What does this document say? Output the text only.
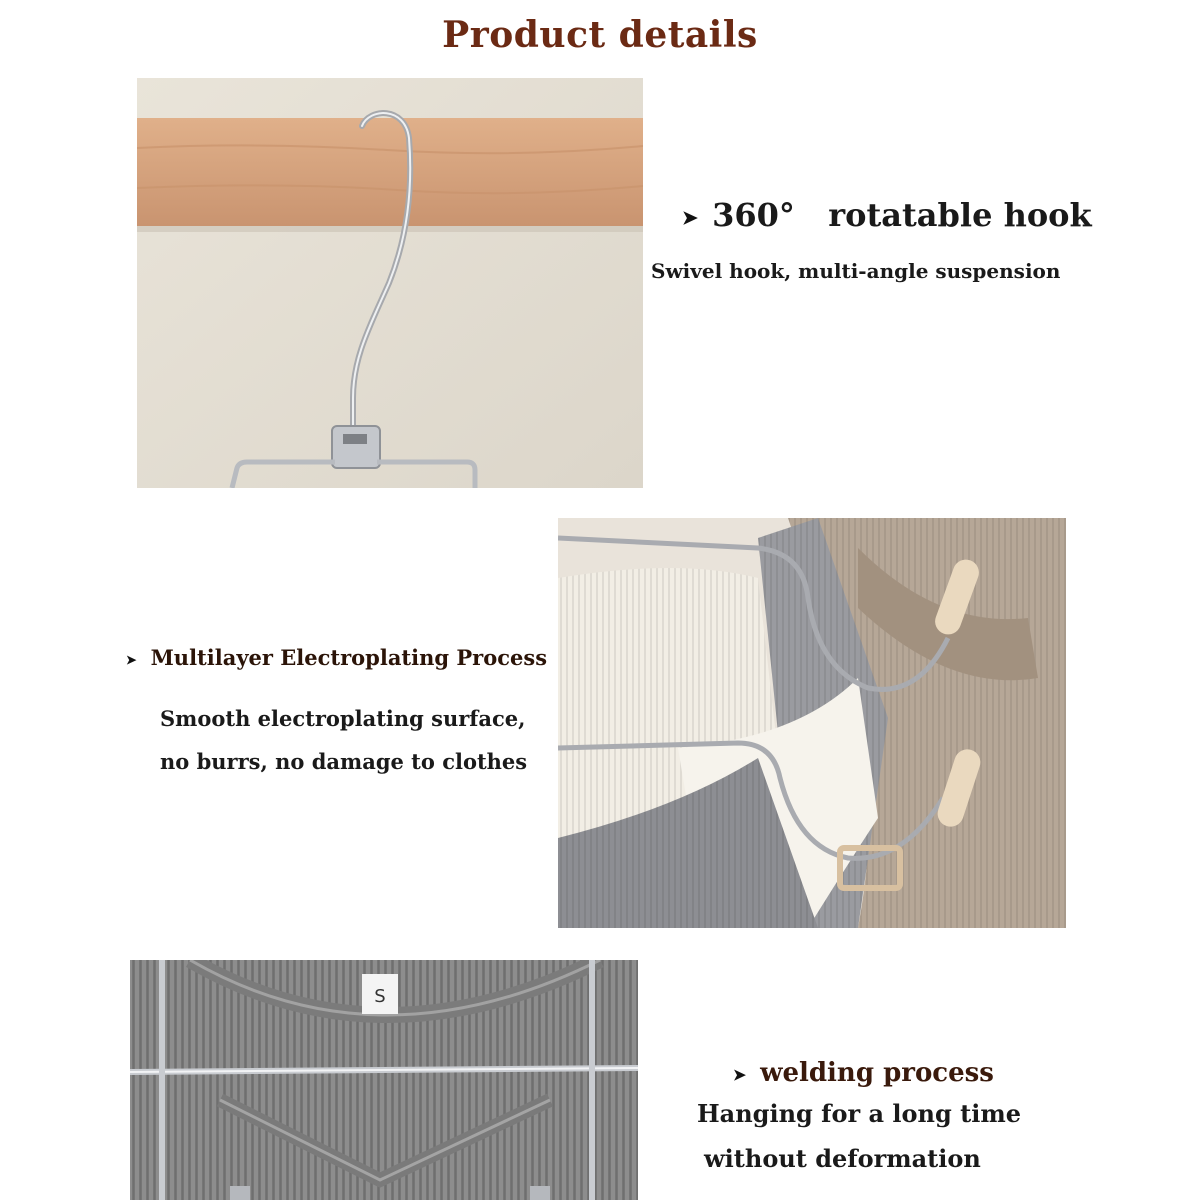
Product details
➤ 360°   rotatable hook
Swivel hook, multi-angle suspension
➤ Multilayer Electroplating Process
Smooth electroplating surface,
no burrs, no damage to clothes
S
➤ welding process
Hanging for a long time
without deformation
